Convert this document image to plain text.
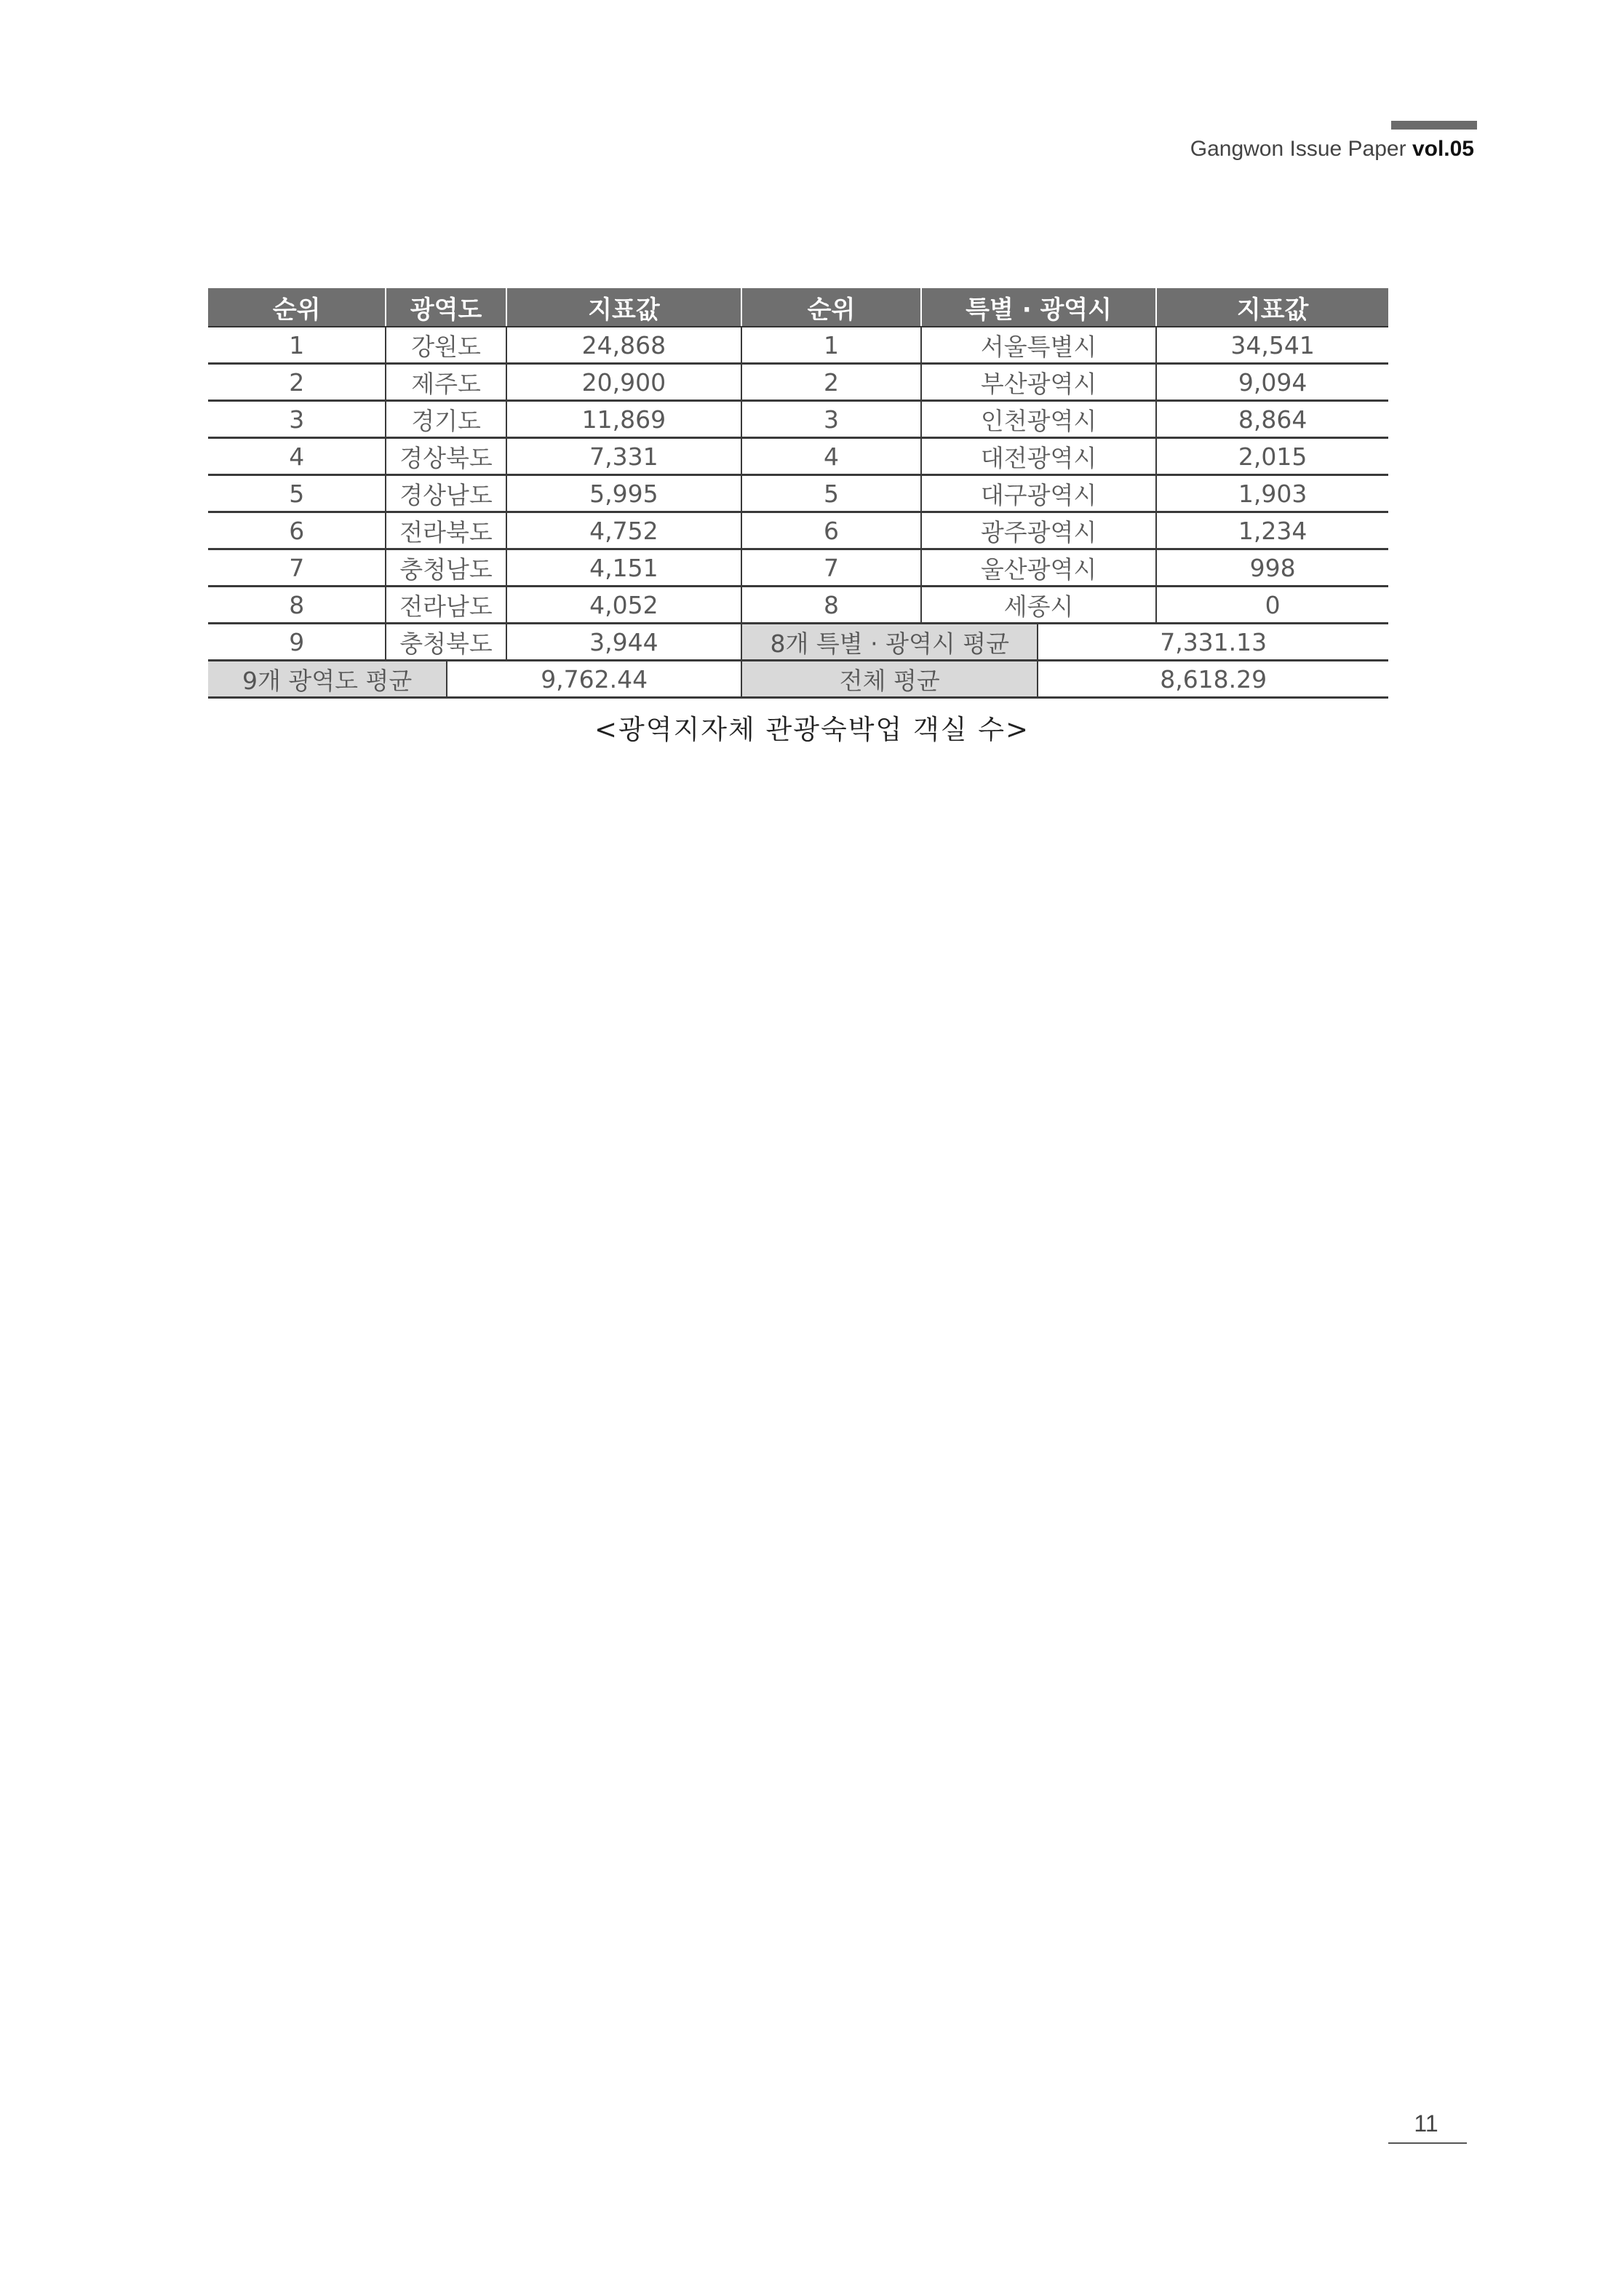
Gangwon Issue Paper vol.05
순위	광역도		지표값	순위	특별 · 광역시		지표값
1	강원도		24,868	1	서울특별시		34,541
2	제주도		20,900	2	부산광역시		9,094
3	경기도		11,869	3	인천광역시		8,864
4	경상북도		7,331	4	대전광역시		2,015
5	경상남도		5,995	5	대구광역시		1,903
6	전라북도		4,752	6	광주광역시		1,234
7	충청남도		4,151	7	울산광역시		998
8	전라남도		4,052	8	세종시		0
9	충청북도		3,944	8개 특별 · 광역시 평균		7,331.13	
9개 광역도 평균		9,762.44		전체 평균		8,618.29	
<광역지자체 관광숙박업 객실 수>
11
